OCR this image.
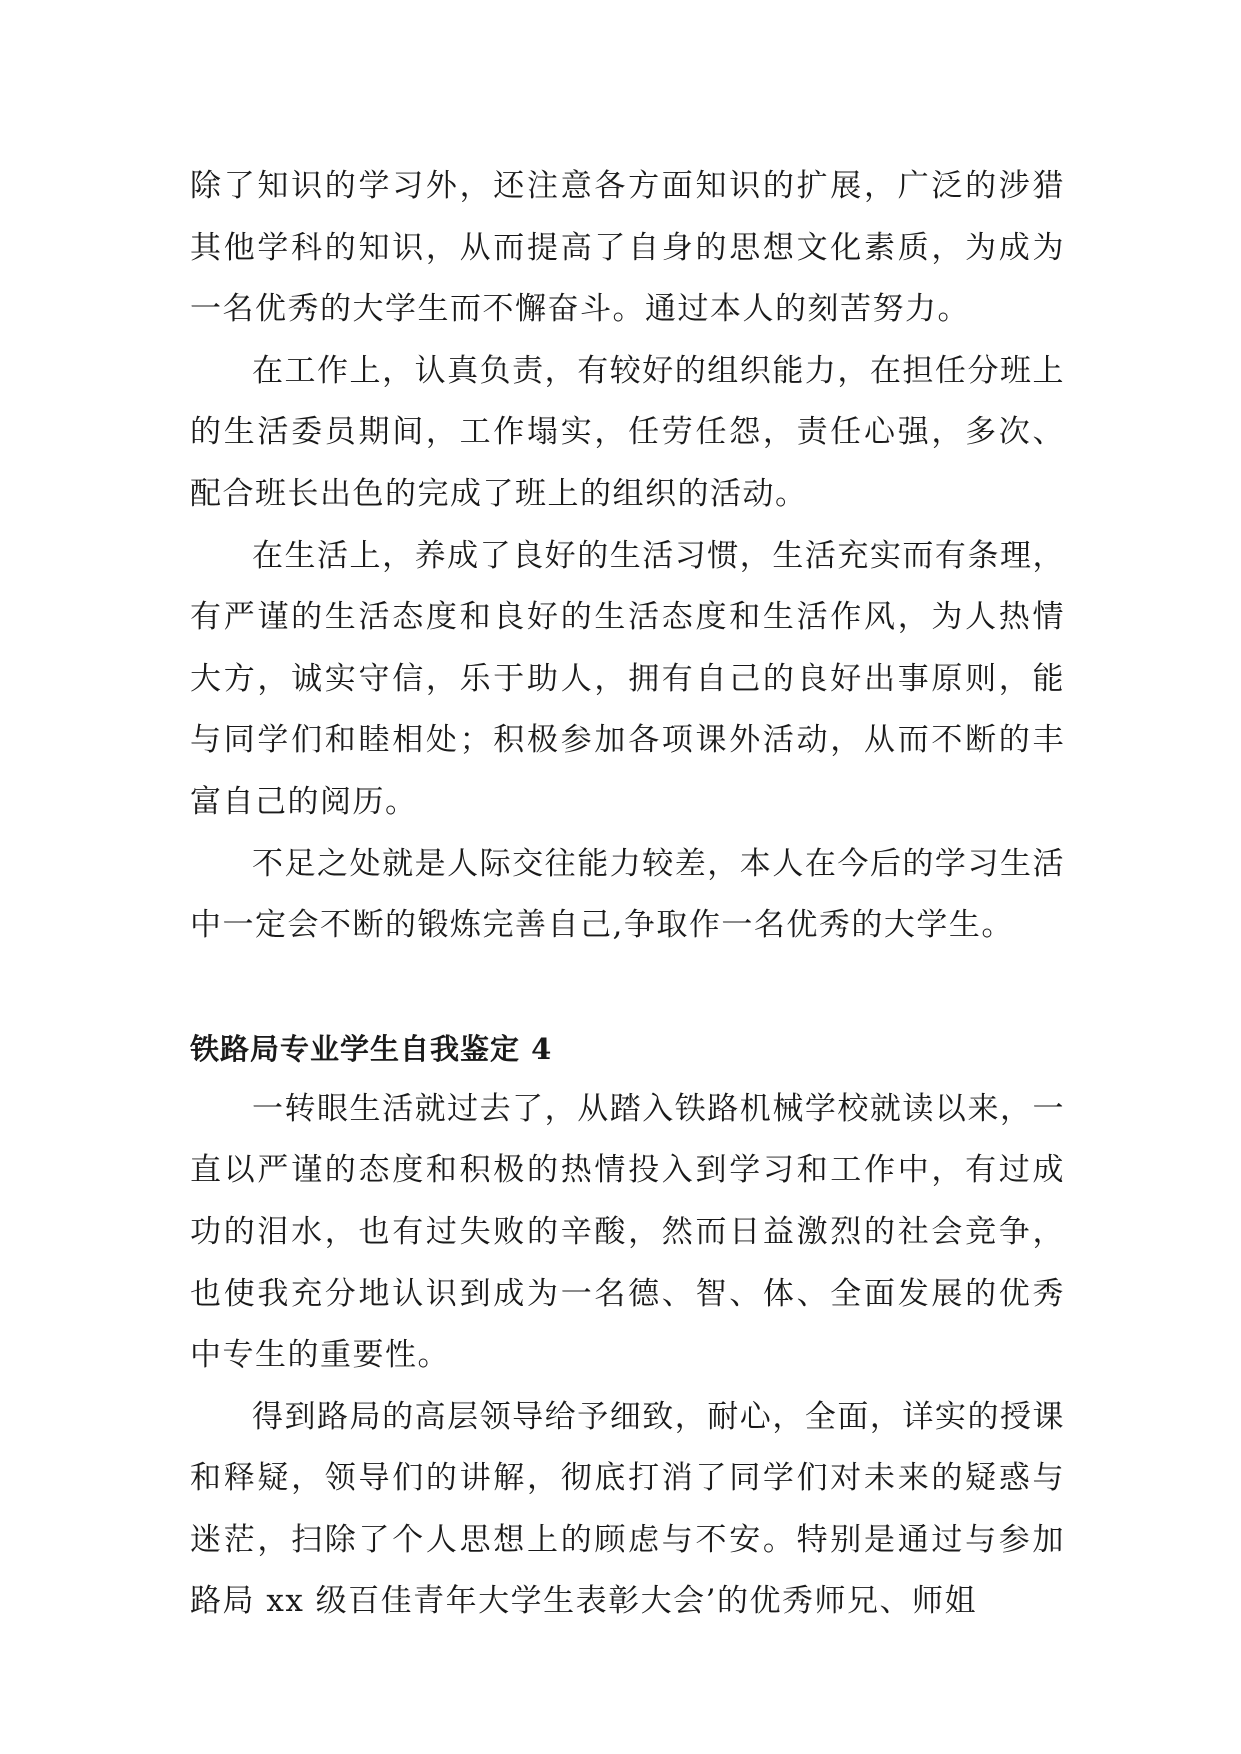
除了知识的学习外，还注意各方面知识的扩展，广泛的涉猎其他学科的知识，从而提高了自身的思想文化素质，为成为一名优秀的大学生而不懈奋斗。通过本人的刻苦努力。

在工作上，认真负责，有较好的组织能力，在担任分班上的生活委员期间，工作塌实，任劳任怨，责任心强，多次、配合班长出色的完成了班上的组织的活动。

在生活上，养成了良好的生活习惯，生活充实而有条理，有严谨的生活态度和良好的生活态度和生活作风，为人热情大方，诚实守信，乐于助人，拥有自己的良好出事原则，能与同学们和睦相处；积极参加各项课外活动，从而不断的丰富自己的阅历。

不足之处就是人际交往能力较差，本人在今后的学习生活中一定会不断的锻炼完善自己,争取作一名优秀的大学生。

铁路局专业学生自我鉴定 4

一转眼生活就过去了，从踏入铁路机械学校就读以来，一直以严谨的态度和积极的热情投入到学习和工作中，有过成功的泪水，也有过失败的辛酸，然而日益激烈的社会竞争，也使我充分地认识到成为一名德、智、体、全面发展的优秀中专生的重要性。

得到路局的高层领导给予细致，耐心，全面，详实的授课和释疑，领导们的讲解，彻底打消了同学们对未来的疑惑与迷茫，扫除了个人思想上的顾虑与不安。特别是通过与参加路局 xx 级百佳青年大学生表彰大会’的优秀师兄、师姐
